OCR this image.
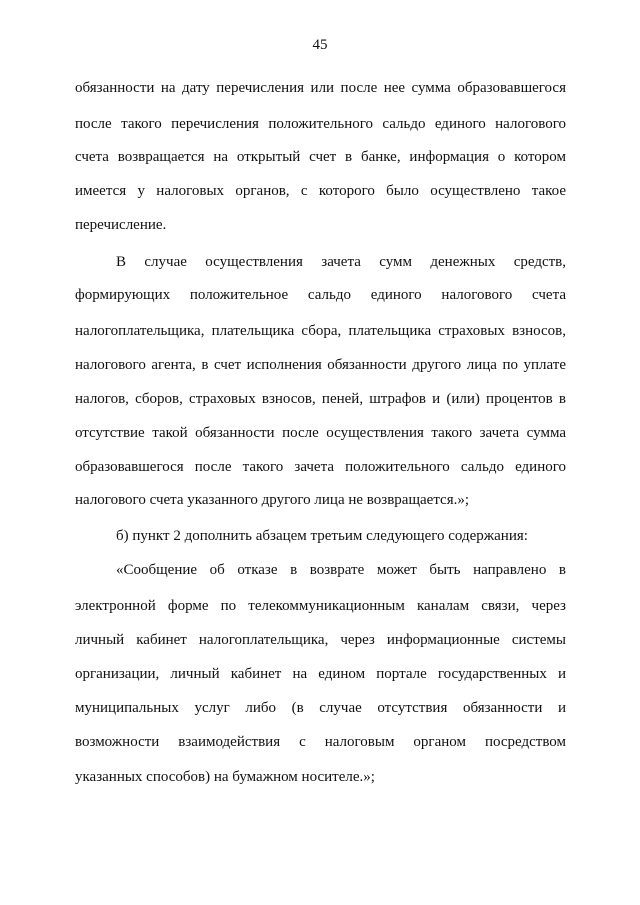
45
обязанности на дату перечисления или после нее сумма образовавшегося
после такого перечисления положительного сальдо единого налогового
счета возвращается на открытый счет в банке, информация о котором
имеется у налоговых органов, с которого было осуществлено такое
перечисление.
В случае осуществления зачета сумм денежных средств,
формирующих положительное сальдо единого налогового счета
налогоплательщика, плательщика сбора, плательщика страховых взносов,
налогового агента, в счет исполнения обязанности другого лица по уплате
налогов, сборов, страховых взносов, пеней, штрафов и (или) процентов в
отсутствие такой обязанности после осуществления такого зачета сумма
образовавшегося после такого зачета положительного сальдо единого
налогового счета указанного другого лица не возвращается.»;
б) пункт 2 дополнить абзацем третьим следующего содержания:
«Сообщение об отказе в возврате может быть направлено в
электронной форме по телекоммуникационным каналам связи, через
личный кабинет налогоплательщика, через информационные системы
организации, личный кабинет на едином портале государственных и
муниципальных услуг либо (в случае отсутствия обязанности и
возможности взаимодействия с налоговым органом посредством
указанных способов) на бумажном носителе.»;
